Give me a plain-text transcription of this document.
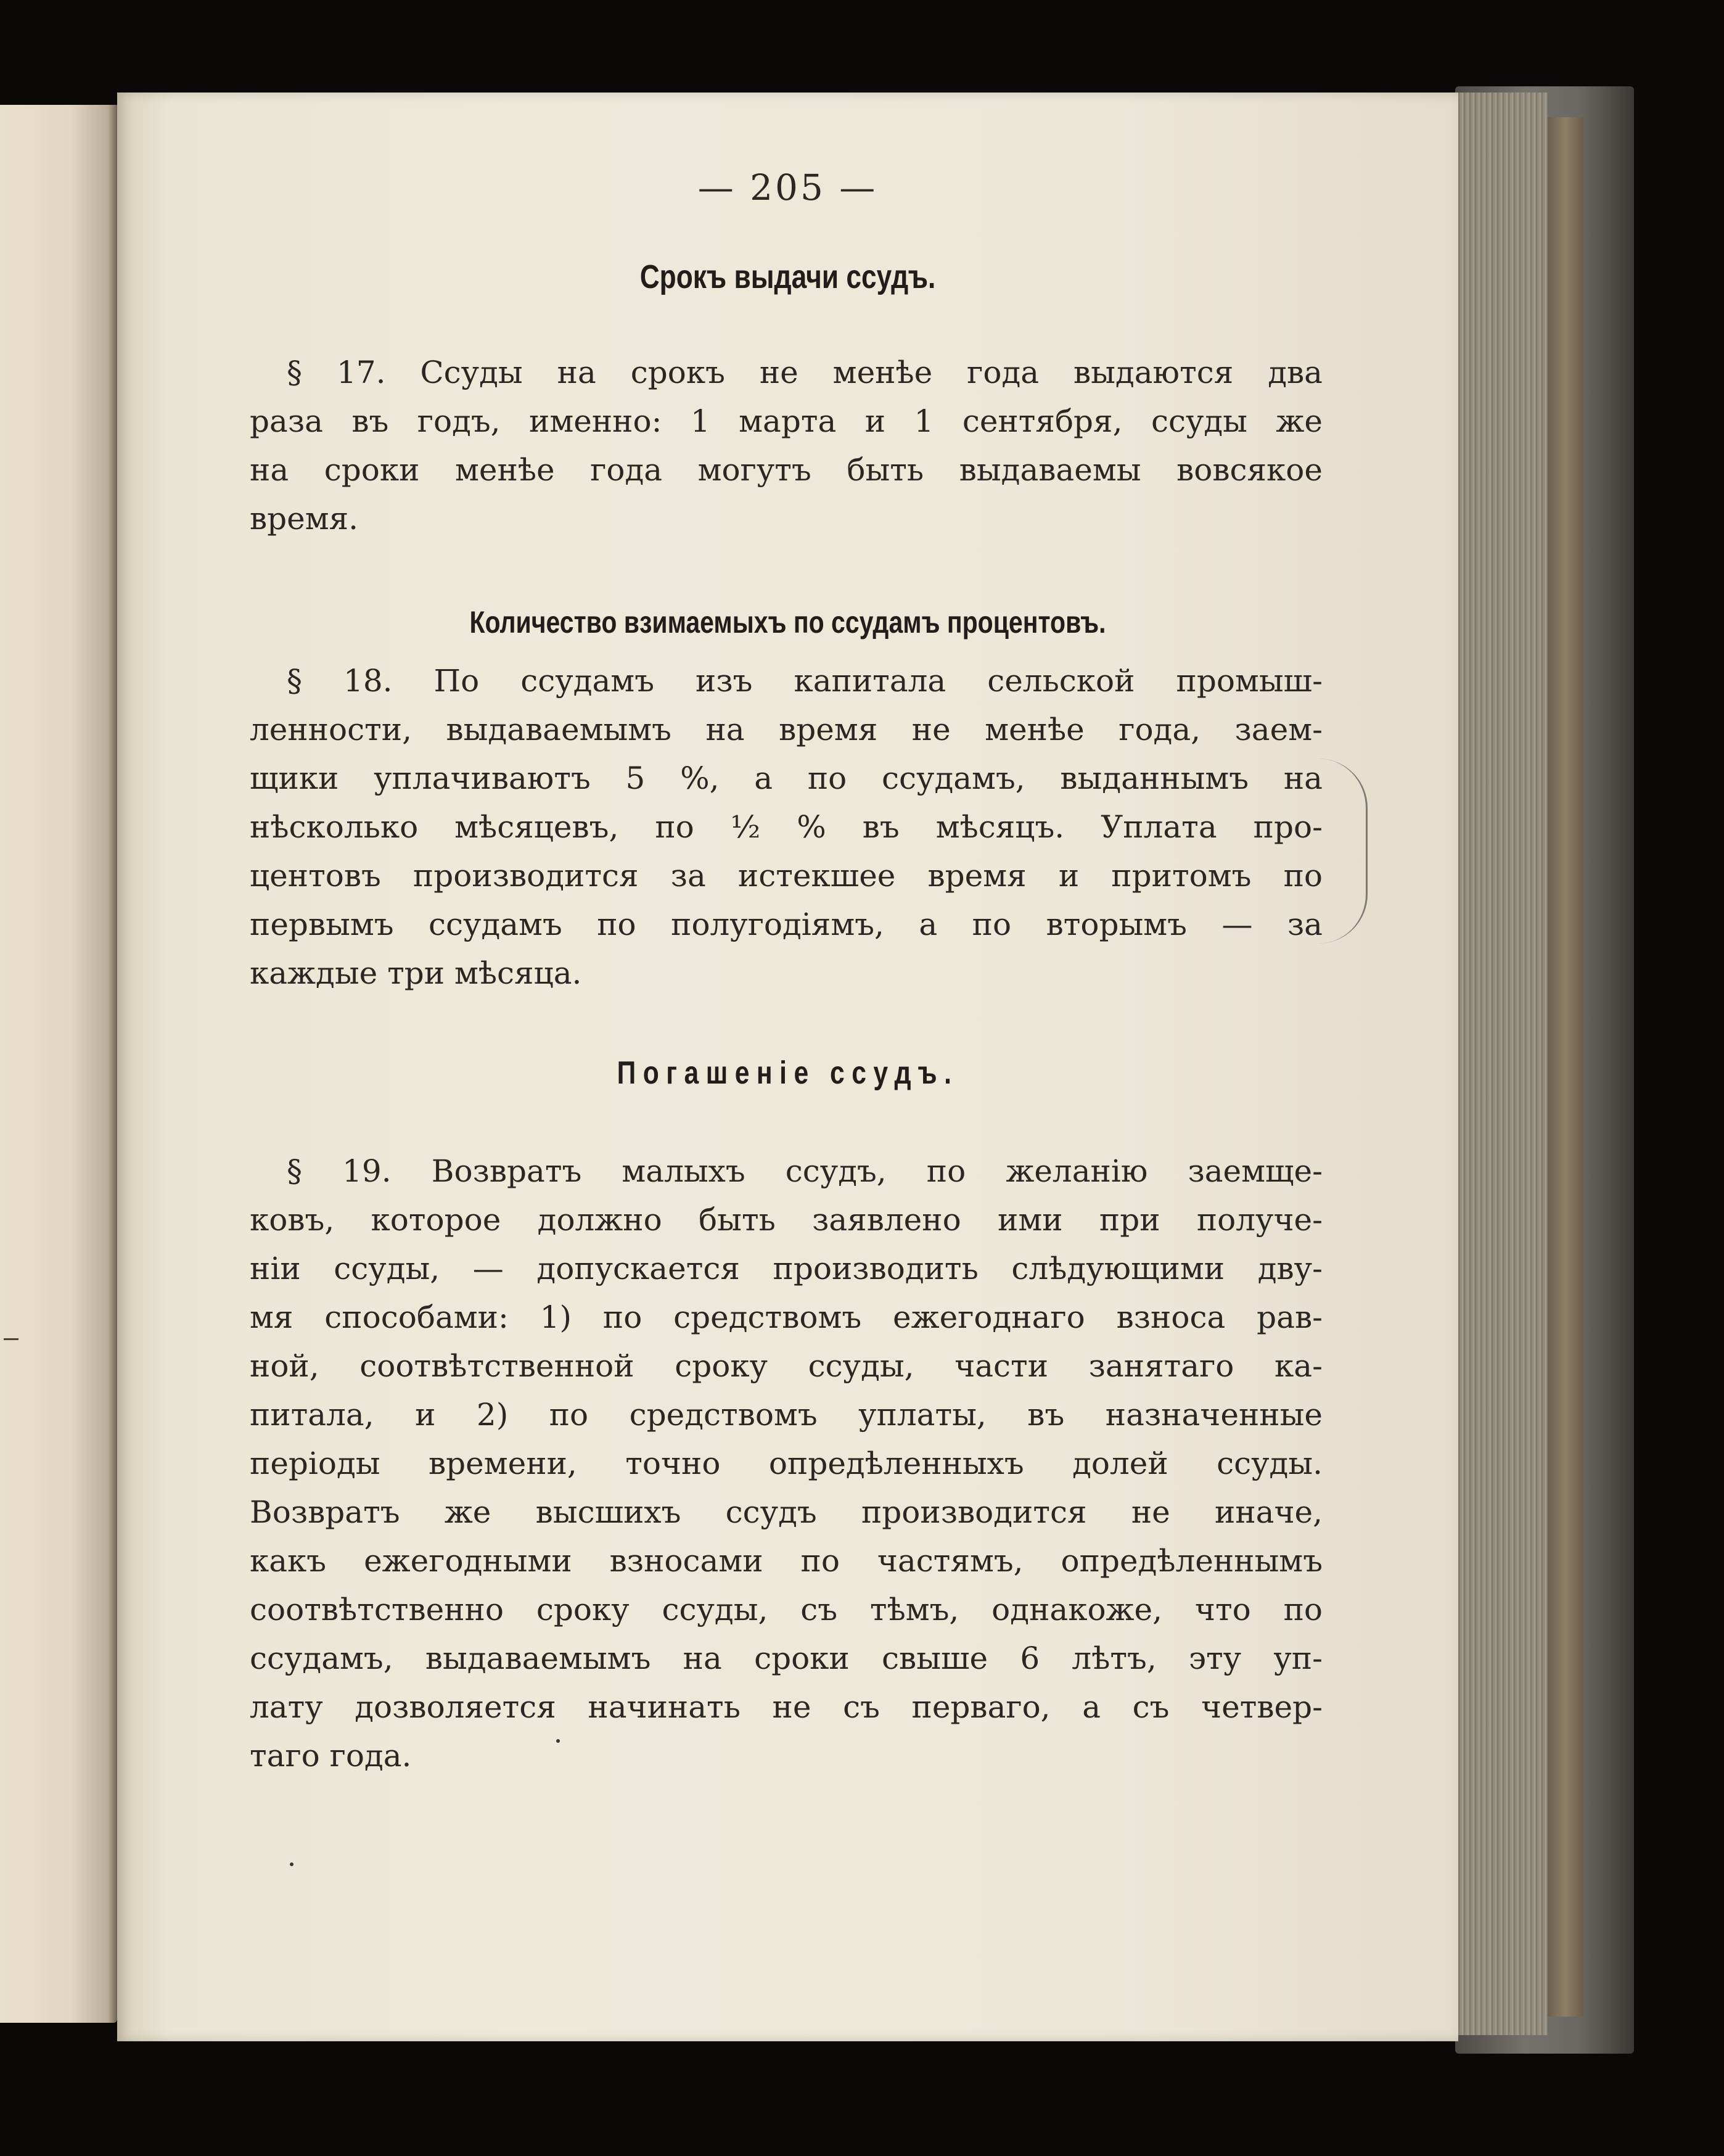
— 205 —
Срокъ выдачи ссудъ.
§ 17. Ссуды на срокъ не менѣе года выдаются два
раза въ годъ, именно: 1 марта и 1 сентября, ссуды же
на сроки менѣе года могутъ быть выдаваемы вовсякое
время.
Количество взимаемыхъ по ссудамъ процентовъ.
§ 18. По ссудамъ изъ капитала сельской промыш-
ленности, выдаваемымъ на время не менѣе года, заем-
щики уплачиваютъ 5 %, а по ссудамъ, выданнымъ на
нѣсколько мѣсяцевъ, по ½ % въ мѣсяцъ. Уплата про-
центовъ производится за истекшее время и притомъ по
первымъ ссудамъ по полугодіямъ, а по вторымъ — за
каждые три мѣсяца.
Погашеніе ссудъ.
§ 19. Возвратъ малыхъ ссудъ, по желанію заемще-
ковъ, которое должно быть заявлено ими при получе-
ніи ссуды, — допускается производить слѣдующими дву-
мя способами: 1) по средствомъ ежегоднаго взноса рав-
ной, соотвѣтственной сроку ссуды, части занятаго ка-
питала, и 2) по средствомъ уплаты, въ назначенные
періоды времени, точно опредѣленныхъ долей ссуды.
Возвратъ же высшихъ ссудъ производится не иначе,
какъ ежегодными взносами по частямъ, опредѣленнымъ
соотвѣтственно сроку ссуды, съ тѣмъ, однакоже, что по
ссудамъ, выдаваемымъ на сроки свыше 6 лѣтъ, эту уп-
лату дозволяется начинать не съ перваго, а съ четвер-
таго года.
